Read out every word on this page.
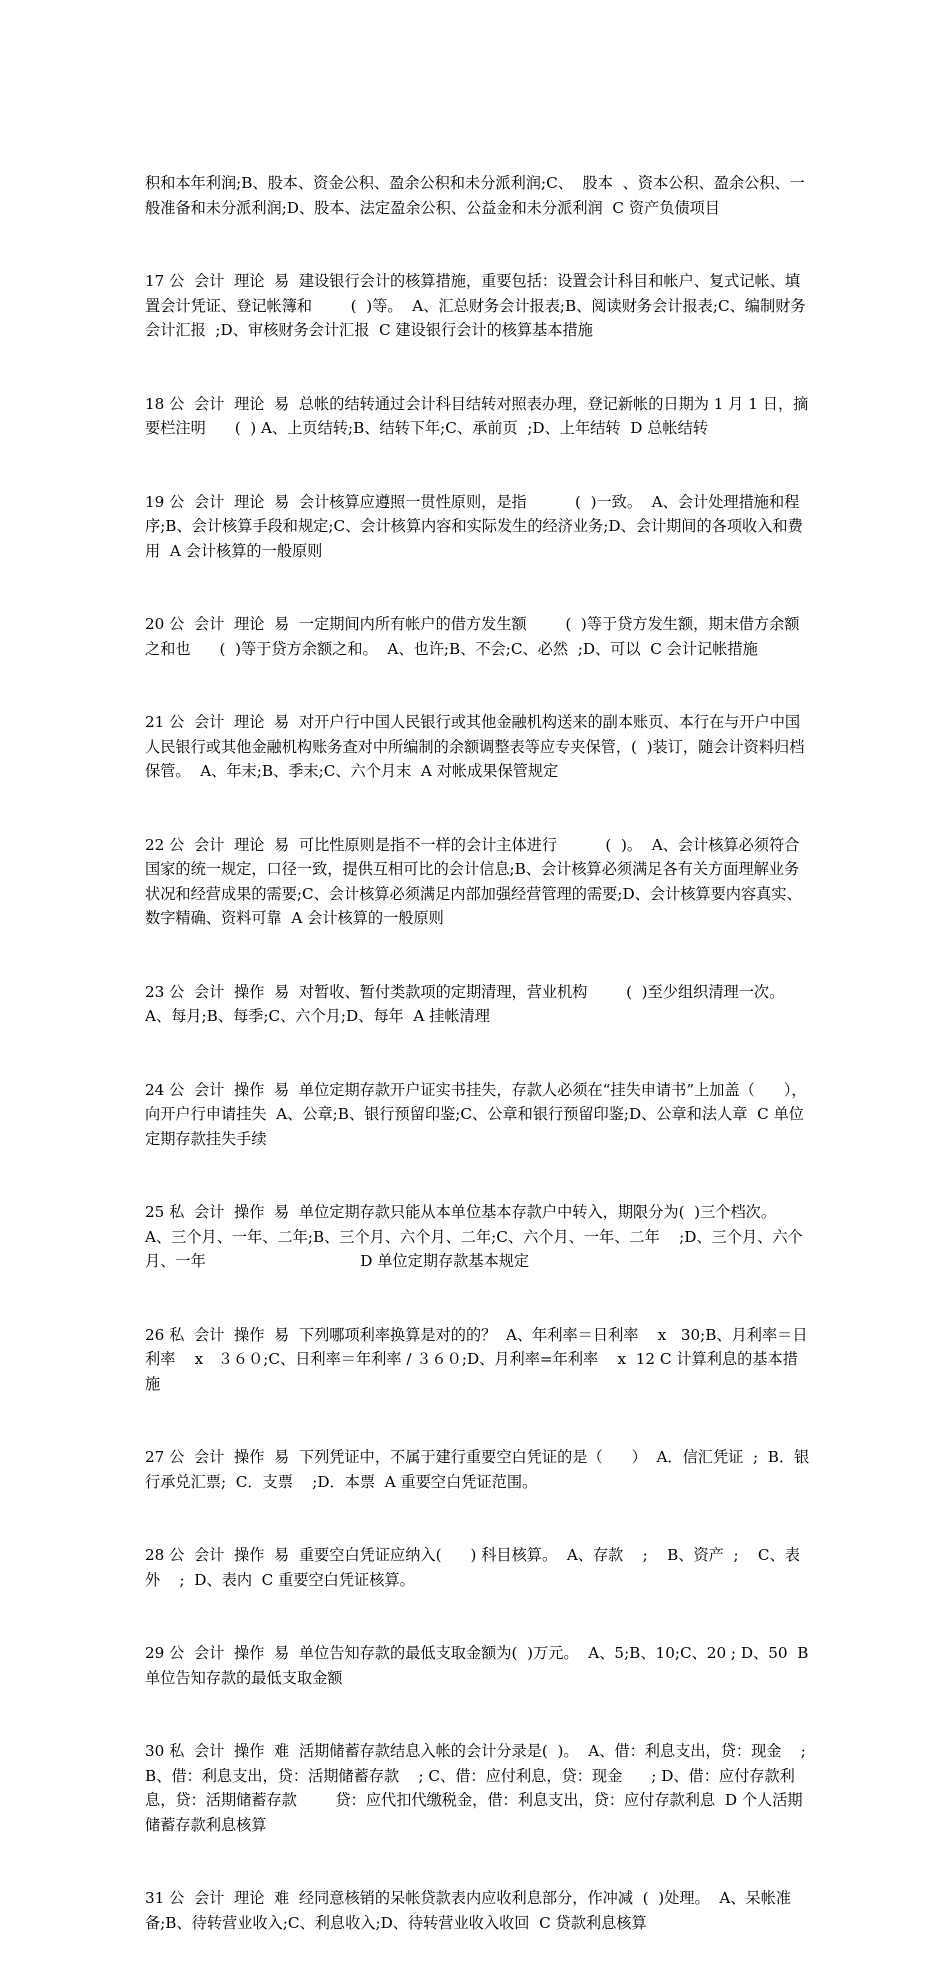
积和本年利润;B、股本、资金公积、盈余公积和未分派利润;C、  股本  、资本公积、盈余公积、一般准备和未分派利润;D、股本、法定盈余公积、公益金和未分派利润  C 资产负债项目

17 公  会计  理论  易  建设银行会计的核算措施，重要包括：设置会计科目和帐户、复式记帐、填置会计凭证、登记帐簿和        (  )等。  A、汇总财务会计报表;B、阅读财务会计报表;C、编制财务会计汇报  ;D、审核财务会计汇报  C 建设银行会计的核算基本措施

18 公  会计  理论  易  总帐的结转通过会计科目结转对照表办理，登记新帐的日期为 1 月 1 日，摘要栏注明      (  ) A、上页结转;B、结转下年;C、承前页  ;D、上年结转  D 总帐结转

19 公  会计  理论  易  会计核算应遵照一贯性原则，是指          (  )一致。  A、会计处理措施和程序;B、会计核算手段和规定;C、会计核算内容和实际发生的经济业务;D、会计期间的各项收入和费用  A 会计核算的一般原则

20 公  会计  理论  易  一定期间内所有帐户的借方发生额        (  )等于贷方发生额，期末借方余额之和也      (  )等于贷方余额之和。  A、也许;B、不会;C、必然  ;D、可以  C 会计记帐措施

21 公  会计  理论  易  对开户行中国人民银行或其他金融机构送来的副本账页、本行在与开户中国人民银行或其他金融机构账务查对中所编制的余额调整表等应专夹保管，(  )装订，随会计资料归档保管。  A、年末;B、季末;C、六个月末  A 对帐成果保管规定

22 公  会计  理论  易  可比性原则是指不一样的会计主体进行          (  )。  A、会计核算必须符合国家的统一规定，口径一致，提供互相可比的会计信息;B、会计核算必须满足各有关方面理解业务状况和经营成果的需要;C、会计核算必须满足内部加强经营管理的需要;D、会计核算要内容真实、数字精确、资料可靠  A 会计核算的一般原则

23 公  会计  操作  易  对暂收、暂付类款项的定期清理，营业机构        (  )至少组织清理一次。  A、每月;B、每季;C、六个月;D、每年  A 挂帐清理

24 公  会计  操作  易  单位定期存款开户证实书挂失，存款人必须在“挂失申请书”上加盖（      ），向开户行申请挂失  A、公章;B、银行预留印鉴;C、公章和银行预留印鉴;D、公章和法人章  C 单位定期存款挂失手续

25 私  会计  操作  易  单位定期存款只能从本单位基本存款户中转入，期限分为(  )三个档次。        A、三个月、一年、二年;B、三个月、六个月、二年;C、六个月、一年、二年    ;D、三个月、六个月、一年                                D 单位定期存款基本规定

26 私  会计  操作  易  下列哪项利率换算是对的的？  A、年利率＝日利率    x   30;B、月利率＝日利率    x   ３６０;C、日利率＝年利率 / ３６０;D、月利率=年利率    x  12 C 计算利息的基本措施

27 公  会计  操作  易  下列凭证中，不属于建行重要空白凭证的是（      ）  A．信汇凭证  ;  B．银行承兑汇票;  C．支票    ;D．本票  A 重要空白凭证范围。

28 公  会计  操作  易  重要空白凭证应纳入(      ) 科目核算。  A、存款    ;    B、资产  ;    C、表外    ;  D、表内  C 重要空白凭证核算。

29 公  会计  操作  易  单位告知存款的最低支取金额为(  )万元。  A、5;B、10;C、20 ; D、50  B 单位告知存款的最低支取金额

30 私  会计  操作  难  活期储蓄存款结息入帐的会计分录是(  )。  A、借：利息支出，贷：现金    ; B、借：利息支出，贷：活期储蓄存款    ; C、借：应付利息，贷：现金      ; D、借：应付存款利息，贷：活期储蓄存款        贷：应代扣代缴税金，借：利息支出，贷：应付存款利息  D 个人活期储蓄存款利息核算

31 公  会计  理论  难  经同意核销的呆帐贷款表内应收利息部分，作冲减  (  )处理。  A、呆帐准备;B、待转营业收入;C、利息收入;D、待转营业收入收回  C 贷款利息核算
